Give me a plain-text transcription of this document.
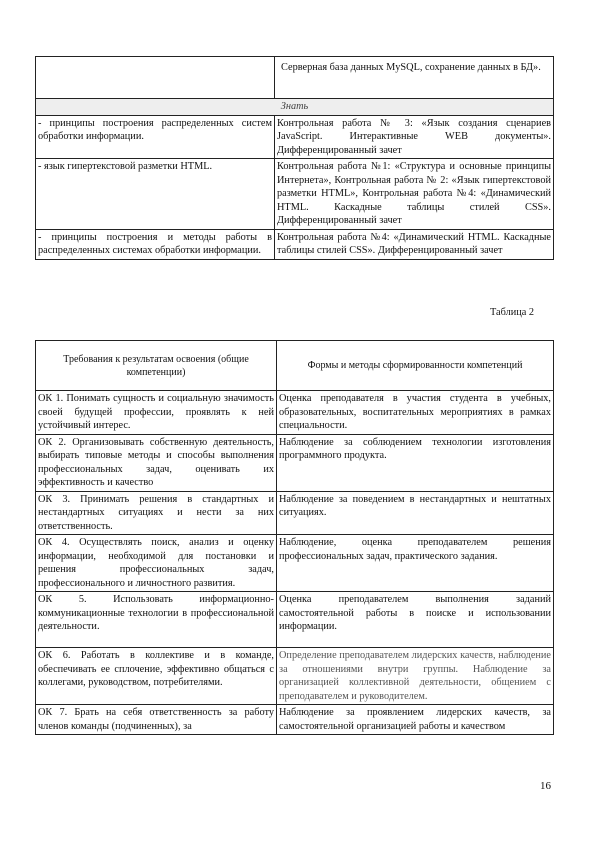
	Серверная база данных MySQL, сохранение данных в БД».

Знать	
- принципы построения распределенных систем обработки информации.	Контрольная работа № 3: «Язык создания сценариев JavaScript. Интерактивные WEB документы». Дифференцированный зачет
- язык гипертекстовой разметки HTML.	Контрольная работа №1: «Структура и основные принципы Интернета», Контрольная работа № 2: «Язык гипертекстовой разметки HTML», Контрольная работа №4: «Динамический HTML. Каскадные таблицы стилей CSS». Дифференцированный зачет
- принципы построения и методы работы в распределенных системах обработки информации.	Контрольная работа №4: «Динамический HTML. Каскадные таблицы стилей CSS». Дифференцированный зачет
Таблица 2
Требования к результатам освоения (общие компетенции)	Формы и методы сформированности компетенций
ОК 1. Понимать сущность и социальную значимость своей будущей профессии, проявлять к ней устойчивый интерес.	Оценка преподавателя в участия студента в учебных, образовательных, воспитательных мероприятиях в рамках специальности.
ОК 2. Организовывать собственную деятельность, выбирать типовые методы и способы выполнения профессиональных задач, оценивать их эффективность и качество	Наблюдение за соблюдением технологии изготовления программного продукта.
ОК 3. Принимать решения в стандартных и нестандартных ситуациях и нести за них ответственность.	Наблюдение за поведением в нестандартных и нештатных ситуациях.
ОК 4. Осуществлять поиск, анализ и оценку информации, необходимой для постановки и решения профессиональных задач, профессионального и личностного развития.	Наблюдение, оценка преподавателем решения профессиональных задач, практического задания.
ОК 5. Использовать информационно-коммуникационные технологии в профессиональной деятельности.	Оценка преподавателем выполнения заданий самостоятельной работы в поиске и использовании информации.
ОК 6. Работать в коллективе и в команде, обеспечивать ее сплочение, эффективно общаться с коллегами, руководством, потребителями.	Определение преподавателем лидерских качеств, наблюдение за отношениями внутри группы. Наблюдение за организацией коллективной деятельности, общением с преподавателем и руководителем.
ОК 7. Брать на себя ответственность за работу членов команды (подчиненных), за	Наблюдение за проявлением лидерских качеств, за самостоятельной организацией работы и качеством
16
